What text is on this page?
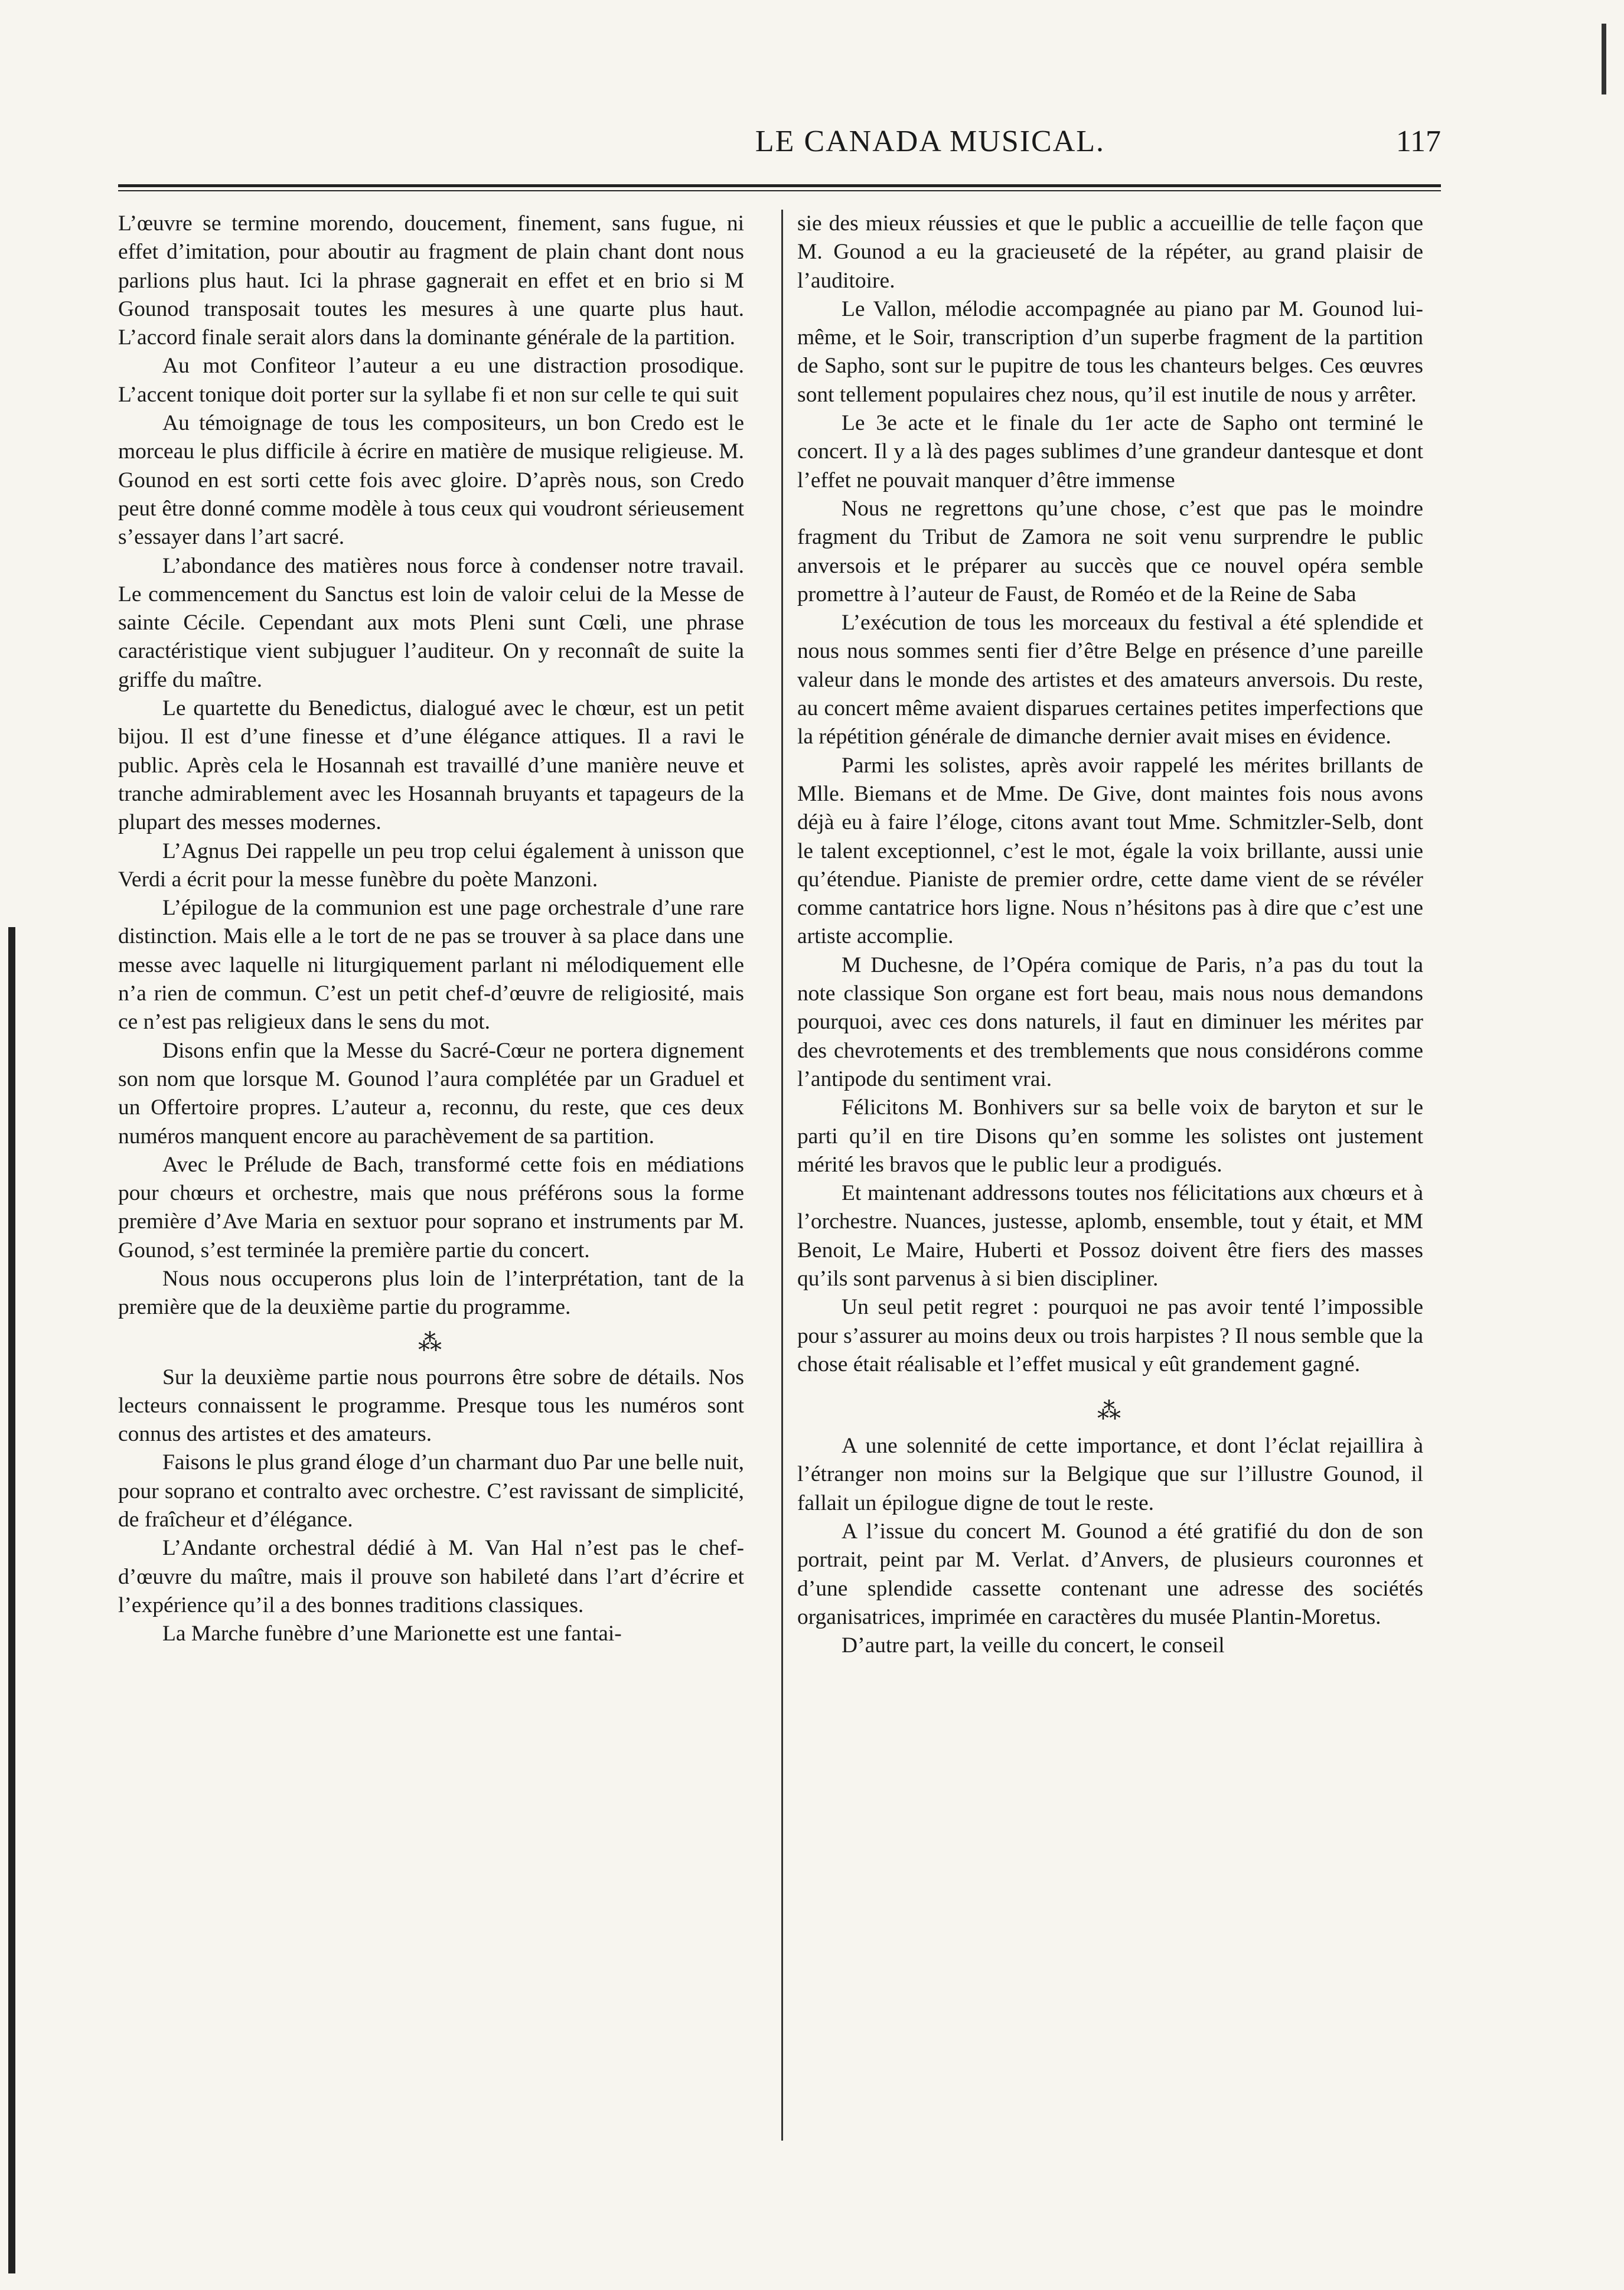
LE CANADA MUSICAL.	117

L’œuvre se termine morendo, doucement, finement, sans fugue, ni effet d’imitation, pour aboutir au fragment de plain chant dont nous parlions plus haut. Ici la phrase gagnerait en effet et en brio si M Gounod transposait toutes les mesures à une quarte plus haut. L’accord finale serait alors dans la dominante générale de la partition.

Au mot Confiteor l’auteur a eu une distraction prosodique. L’accent tonique doit porter sur la syllabe fi et non sur celle te qui suit

Au témoignage de tous les compositeurs, un bon Credo est le morceau le plus difficile à écrire en matière de musique religieuse. M. Gounod en est sorti cette fois avec gloire. D’après nous, son Credo peut être donné comme modèle à tous ceux qui voudront sérieusement s’essayer dans l’art sacré.

L’abondance des matières nous force à condenser notre travail. Le commencement du Sanctus est loin de valoir celui de la Messe de sainte Cécile. Cependant aux mots Pleni sunt Cœli, une phrase caractéristique vient subjuguer l’auditeur. On y reconnaît de suite la griffe du maître.

Le quartette du Benedictus, dialogué avec le chœur, est un petit bijou. Il est d’une finesse et d’une élégance attiques. Il a ravi le public. Après cela le Hosannah est travaillé d’une manière neuve et tranche admirablement avec les Hosannah bruyants et tapageurs de la plupart des messes modernes.

L’Agnus Dei rappelle un peu trop celui également à unisson que Verdi a écrit pour la messe funèbre du poète Manzoni.

L’épilogue de la communion est une page orchestrale d’une rare distinction. Mais elle a le tort de ne pas se trouver à sa place dans une messe avec laquelle ni liturgiquement parlant ni mélodiquement elle n’a rien de commun. C’est un petit chef-d’œuvre de religiosité, mais ce n’est pas religieux dans le sens du mot.

Disons enfin que la Messe du Sacré-Cœur ne portera dignement son nom que lorsque M. Gounod l’aura complétée par un Graduel et un Offertoire propres. L’auteur a, reconnu, du reste, que ces deux numéros manquent encore au parachèvement de sa partition.

Avec le Prélude de Bach, transformé cette fois en médiations pour chœurs et orchestre, mais que nous préférons sous la forme première d’Ave Maria en sextuor pour soprano et instruments par M. Gounod, s’est terminée la première partie du concert.

Nous nous occuperons plus loin de l’interprétation, tant de la première que de la deuxième partie du programme.

⁂

Sur la deuxième partie nous pourrons être sobre de détails. Nos lecteurs connaissent le programme. Presque tous les numéros sont connus des artistes et des amateurs.

Faisons le plus grand éloge d’un charmant duo Par une belle nuit, pour soprano et contralto avec orchestre. C’est ravissant de simplicité, de fraîcheur et d’élégance.

L’Andante orchestral dédié à M. Van Hal n’est pas le chef-d’œuvre du maître, mais il prouve son habileté dans l’art d’écrire et l’expérience qu’il a des bonnes traditions classiques.

La Marche funèbre d’une Marionette est une fantai-

sie des mieux réussies et que le public a accueillie de telle façon que M. Gounod a eu la gracieuseté de la répéter, au grand plaisir de l’auditoire.

Le Vallon, mélodie accompagnée au piano par M. Gounod lui-même, et le Soir, transcription d’un superbe fragment de la partition de Sapho, sont sur le pupitre de tous les chanteurs belges. Ces œuvres sont tellement populaires chez nous, qu’il est inutile de nous y arrêter.

Le 3e acte et le finale du 1er acte de Sapho ont terminé le concert. Il y a là des pages sublimes d’une grandeur dantesque et dont l’effet ne pouvait manquer d’être immense

Nous ne regrettons qu’une chose, c’est que pas le moindre fragment du Tribut de Zamora ne soit venu surprendre le public anversois et le préparer au succès que ce nouvel opéra semble promettre à l’auteur de Faust, de Roméo et de la Reine de Saba

L’exécution de tous les morceaux du festival a été splendide et nous nous sommes senti fier d’être Belge en présence d’une pareille valeur dans le monde des artistes et des amateurs anversois. Du reste, au concert même avaient disparues certaines petites imperfections que la répétition générale de dimanche dernier avait mises en évidence.

Parmi les solistes, après avoir rappelé les mérites brillants de Mlle. Biemans et de Mme. De Give, dont maintes fois nous avons déjà eu à faire l’éloge, citons avant tout Mme. Schmitzler-Selb, dont le talent exceptionnel, c’est le mot, égale la voix brillante, aussi unie qu’étendue. Pianiste de premier ordre, cette dame vient de se révéler comme cantatrice hors ligne. Nous n’hésitons pas à dire que c’est une artiste accomplie.

M Duchesne, de l’Opéra comique de Paris, n’a pas du tout la note classique Son organe est fort beau, mais nous nous demandons pourquoi, avec ces dons naturels, il faut en diminuer les mérites par des chevrotements et des tremblements que nous considérons comme l’antipode du sentiment vrai.

Félicitons M. Bonhivers sur sa belle voix de baryton et sur le parti qu’il en tire Disons qu’en somme les solistes ont justement mérité les bravos que le public leur a prodigués.

Et maintenant addressons toutes nos félicitations aux chœurs et à l’orchestre. Nuances, justesse, aplomb, ensemble, tout y était, et MM Benoit, Le Maire, Huberti et Possoz doivent être fiers des masses qu’ils sont parvenus à si bien discipliner.

Un seul petit regret : pourquoi ne pas avoir tenté l’impossible pour s’assurer au moins deux ou trois harpistes ? Il nous semble que la chose était réalisable et l’effet musical y eût grandement gagné.

⁂

A une solennité de cette importance, et dont l’éclat rejaillira à l’étranger non moins sur la Belgique que sur l’illustre Gounod, il fallait un épilogue digne de tout le reste.

A l’issue du concert M. Gounod a été gratifié du don de son portrait, peint par M. Verlat. d’Anvers, de plusieurs couronnes et d’une splendide cassette contenant une adresse des sociétés organisatrices, imprimée en caractères du musée Plantin-Moretus.

D’autre part, la veille du concert, le conseil
